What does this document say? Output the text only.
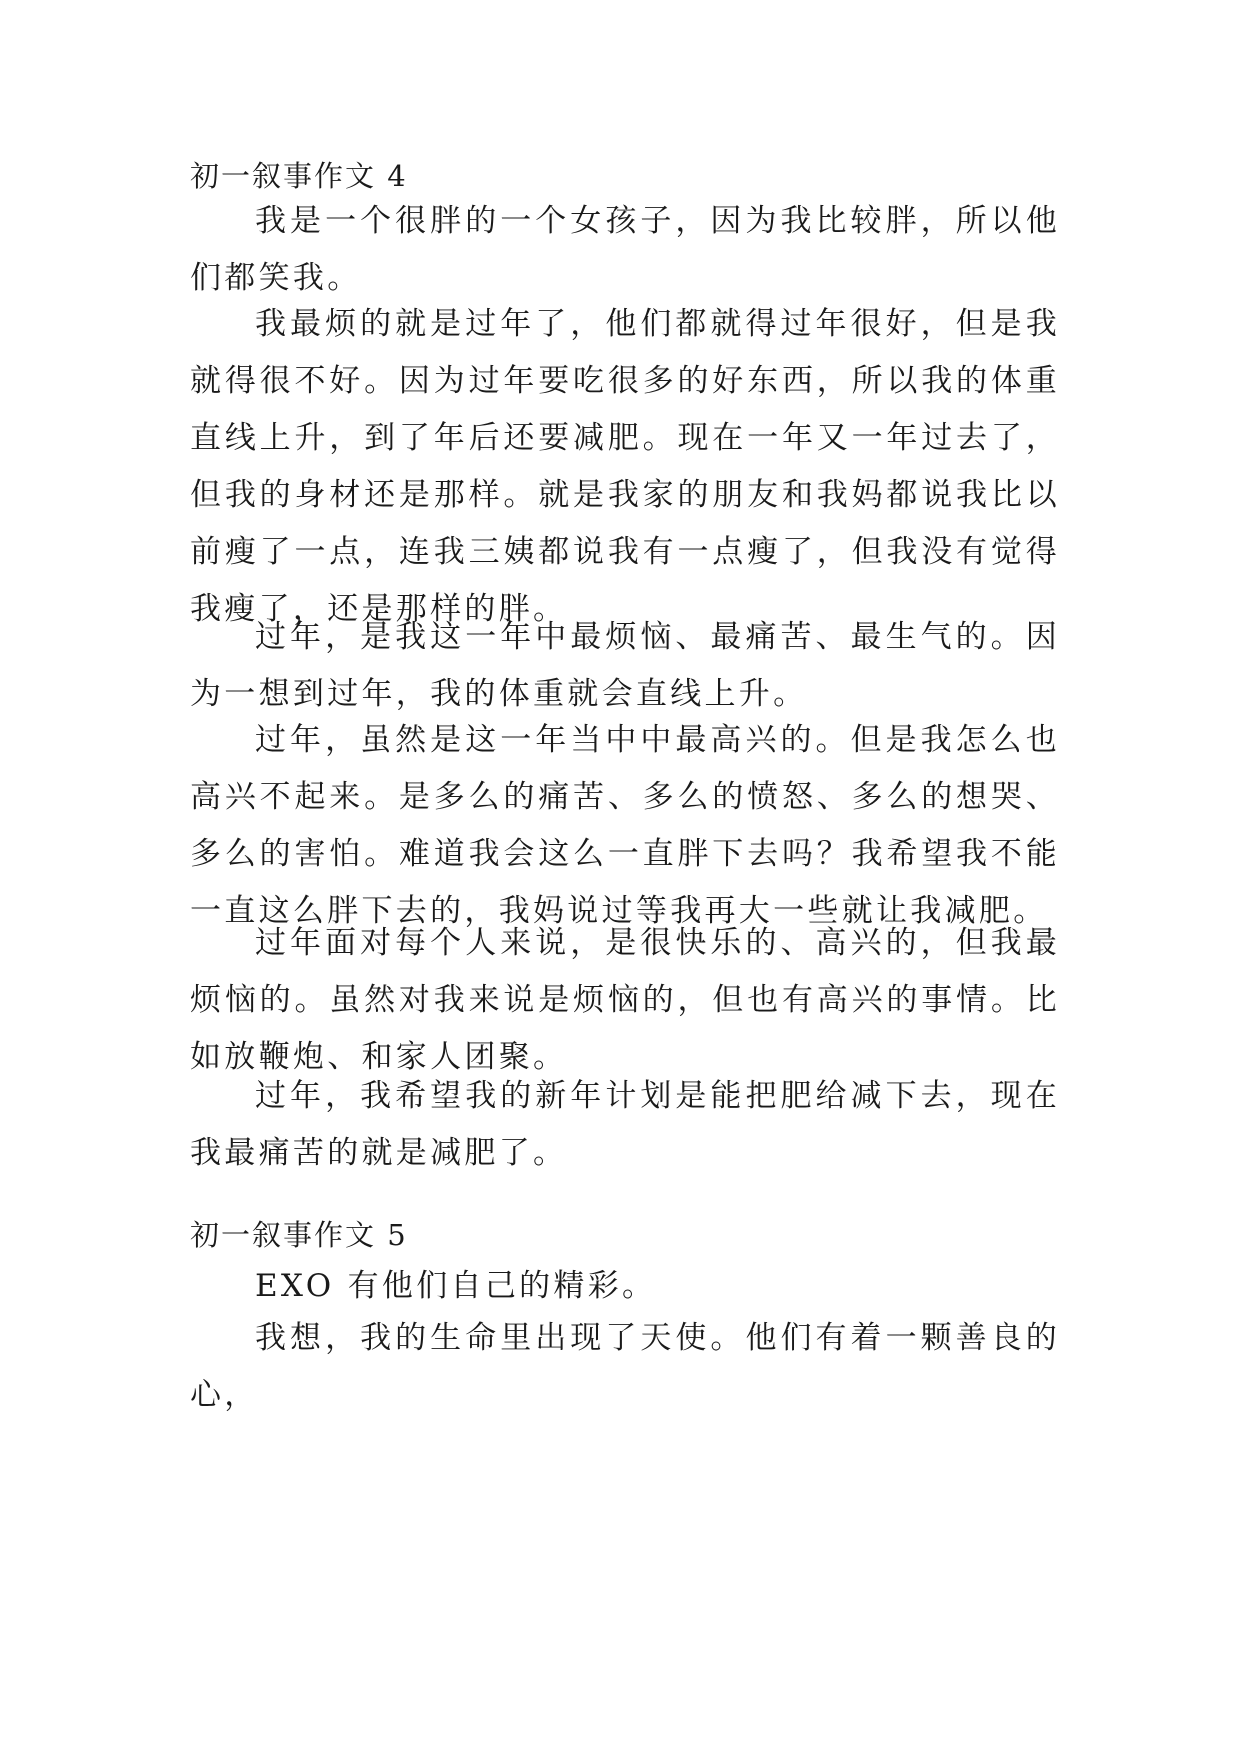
初一叙事作文 4

我是一个很胖的一个女孩子，因为我比较胖，所以他们都笑我。

我最烦的就是过年了，他们都就得过年很好，但是我就得很不好。因为过年要吃很多的好东西，所以我的体重直线上升，到了年后还要减肥。现在一年又一年过去了，但我的身材还是那样。就是我家的朋友和我妈都说我比以前瘦了一点，连我三姨都说我有一点瘦了，但我没有觉得我瘦了，还是那样的胖。

过年，是我这一年中最烦恼、最痛苦、最生气的。因为一想到过年，我的体重就会直线上升。

过年，虽然是这一年当中中最高兴的。但是我怎么也高兴不起来。是多么的痛苦、多么的愤怒、多么的想哭、多么的害怕。难道我会这么一直胖下去吗？我希望我不能一直这么胖下去的，我妈说过等我再大一些就让我减肥。

过年面对每个人来说，是很快乐的、高兴的，但我最烦恼的。虽然对我来说是烦恼的，但也有高兴的事情。比如放鞭炮、和家人团聚。

过年，我希望我的新年计划是能把肥给减下去，现在我最痛苦的就是减肥了。

初一叙事作文 5

EXO 有他们自己的精彩。

我想，我的生命里出现了天使。他们有着一颗善良的心，
